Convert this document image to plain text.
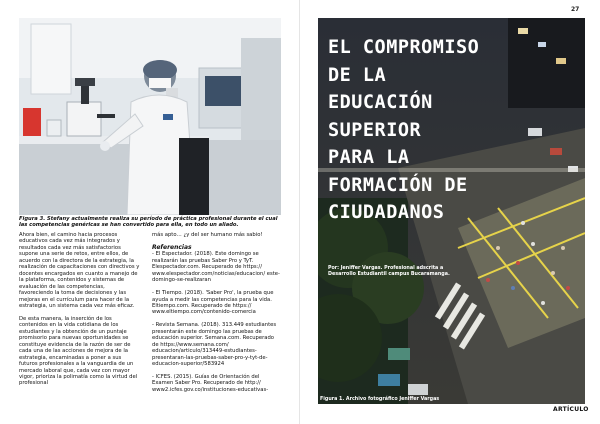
Figura 3. Stefany actualmente realiza su período de práctica profesional durante el cual las competencias genéricas se han convertido para ella, en todo un aliado.

Ahora bien, el camino hacia procesos educativos cada vez más integrados y resultados cada vez más satisfactorios supone una serie de retos, entre ellos, de acuerdo con la directora de la estrategia, la realización de capacitaciones con directivos y docentes encargados en cuanto a manejo de la plataforma, contenidos y sistemas de evaluación de las competencias, favoreciendo la toma de decisiones y las mejoras en el currículum para hacer de la estrategia, un sistema cada vez más eficaz.

De esta manera, la inserción de los contenidos en la vida cotidiana de los estudiantes y la obtención de un puntaje promisorio para nuevas oportunidades se constituye evidencia de la razón de ser de cada una de las acciones de mejora de la estrategia, encaminadas a poner a sus futuros profesionales a la vanguardia de un mercado laboral que, cada vez con mayor vigor, prioriza la polimatía como la virtud del profesional

más apto… ¿y del ser humano más sabio!

Referencias

- El Espectador. (2018). Este domingo se realizarán las pruebas Saber Pro y TyT. Elespectador.com. Recuperado de https:// www.elespectador.com/noticias/educacion/ este-domingo-se-realizaran

- El Tiempo. (2018). 'Saber Pro', la prueba que ayuda a medir las competencias para la vida. Eltiempo.com. Recuperado de https:// www.eltiempo.com/contenido-comercia

- Revista Semana. (2018). 313.449 estudiantes presentarán este domingo las pruebas de educación superior. Semana.com. Recuperado de https://www.semana.com/ educacion/articulo/313449-estudiantes- presentaran-las-pruebas-saber-pro-y-tyt-de- educacion-superior/583924

- ICFES. (2015). Guías de Orientación del Examen Saber Pro. Recuperado de http:// www2.icfes.gov.co/instituciones-educativas-

27
EL COMPROMISO
DE LA
EDUCACIÓN
SUPERIOR
PARA LA
FORMACIÓN DE
CIUDADANOS
Por: Jeniffer Vargas. Profesional adscrita a Desarrollo Estudiantil campus Bucaramanga.
Figura 1. Archivo fotográfico Jeniffer Vargas
ARTÍCULO
